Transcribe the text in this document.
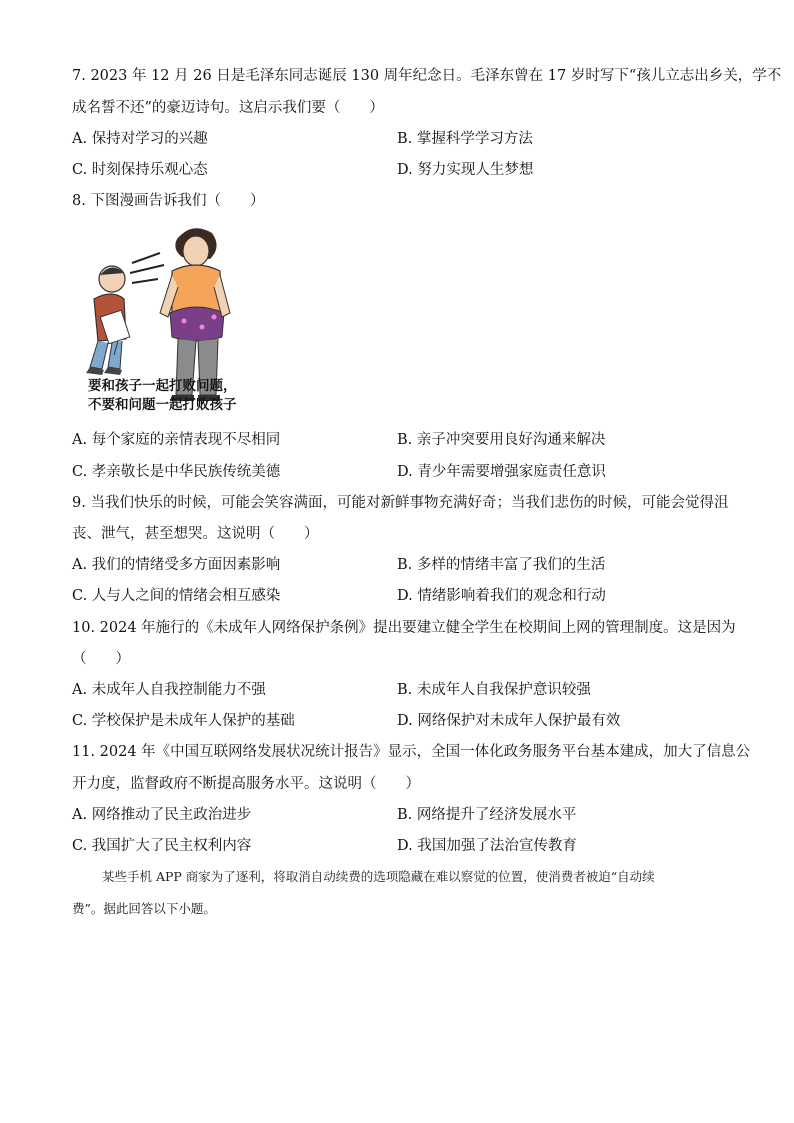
7. 2023 年 12 月 26 日是毛泽东同志诞辰 130 周年纪念日。毛泽东曾在 17 岁时写下“孩儿立志出乡关，学不
成名誓不还”的豪迈诗句。这启示我们要（　　）
A. 保持对学习的兴趣	B. 掌握科学学习方法
C. 时刻保持乐观心态	D. 努力实现人生梦想
8. 下图漫画告诉我们（　　）
要和孩子一起打败问题，
不要和问题一起打败孩子
A. 每个家庭的亲情表现不尽相同	B. 亲子冲突要用良好沟通来解决
C. 孝亲敬长是中华民族传统美德	D. 青少年需要增强家庭责任意识
9. 当我们快乐的时候，可能会笑容满面，可能对新鲜事物充满好奇；当我们悲伤的时候，可能会觉得沮
丧、泄气，甚至想哭。这说明（　　）
A. 我们的情绪受多方面因素影响	B. 多样的情绪丰富了我们的生活
C. 人与人之间的情绪会相互感染	D. 情绪影响着我们的观念和行动
10. 2024 年施行的《未成年人网络保护条例》提出要建立健全学生在校期间上网的管理制度。这是因为
（　　）
A. 未成年人自我控制能力不强	B. 未成年人自我保护意识较强
C. 学校保护是未成年人保护的基础	D. 网络保护对未成年人保护最有效
11. 2024 年《中国互联网络发展状况统计报告》显示，全国一体化政务服务平台基本建成，加大了信息公
开力度，监督政府不断提高服务水平。这说明（　　）
A. 网络推动了民主政治进步	B. 网络提升了经济发展水平
C. 我国扩大了民主权利内容	D. 我国加强了法治宣传教育
某些手机 APP 商家为了逐利，将取消自动续费的选项隐藏在难以察觉的位置，使消费者被迫“自动续
费”。据此回答以下小题。
